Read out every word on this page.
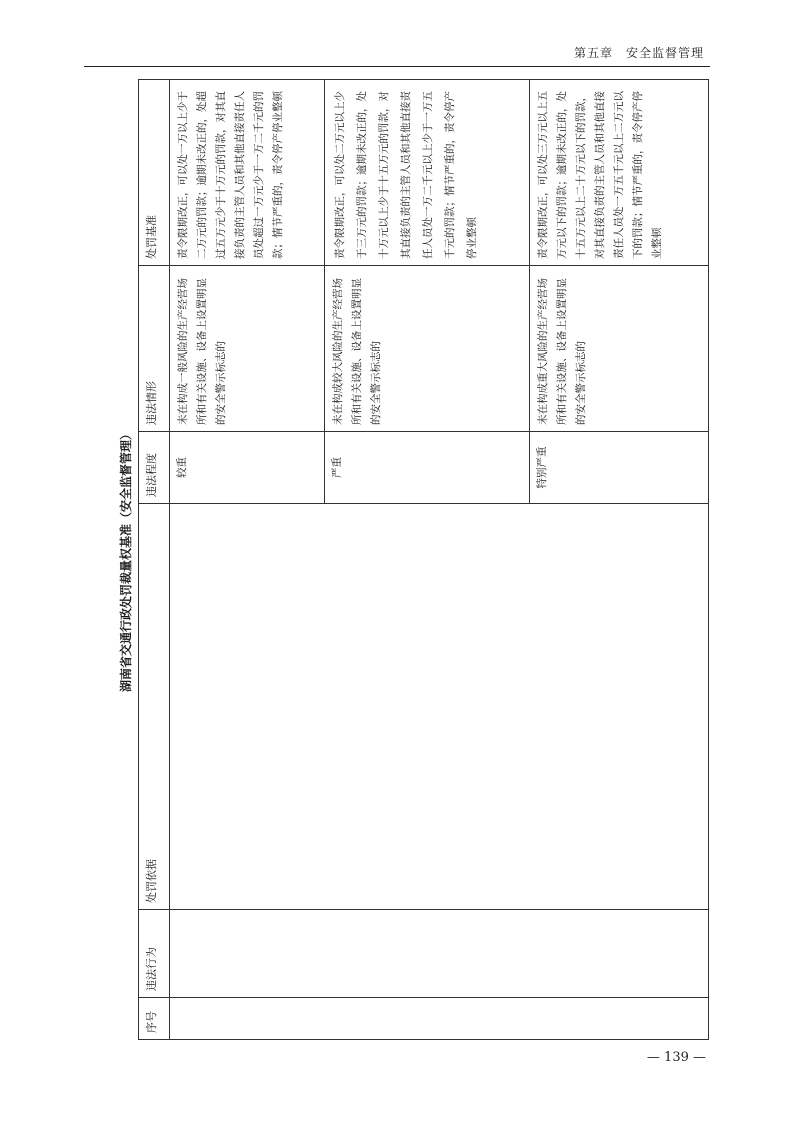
第五章　安全监督管理
湖南省交通行政处罚裁量权基准（安全监督管理）
序号	违法行为	处罚依据	违法程度	违法情形	处罚基准
			较重	未在构成一般风险的生产经营场所和有关设施、设备上设置明显的安全警示标志的	责令限期改正，可以处一万以上少于二万元的罚款；逾期未改正的，处超过五万元少于十万元的罚款，对其直接负责的主管人员和其他直接责任人员处超过一万元少于一万二千元的罚款；情节严重的，责令停产停业整顿
			严重	未在构成较大风险的生产经营场所和有关设施、设备上设置明显的安全警示标志的	责令限期改正，可以处二万元以上少于三万元的罚款；逾期未改正的，处十万元以上少于十五万元的罚款，对其直接负责的主管人员和其他直接责任人员处一万二千元以上少于一万五千元的罚款；情节严重的，责令停产停业整顿
			特别严重	未在构成重大风险的生产经营场所和有关设施、设备上设置明显的安全警示标志的	责令限期改正，可以处三万元以上五万元以下的罚款；逾期未改正的，处十五万元以上二十万元以下的罚款，对其直接负责的主管人员和其他直接责任人员处一万五千元以上二万元以下的罚款；情节严重的，责令停产停业整顿
— 139 —
